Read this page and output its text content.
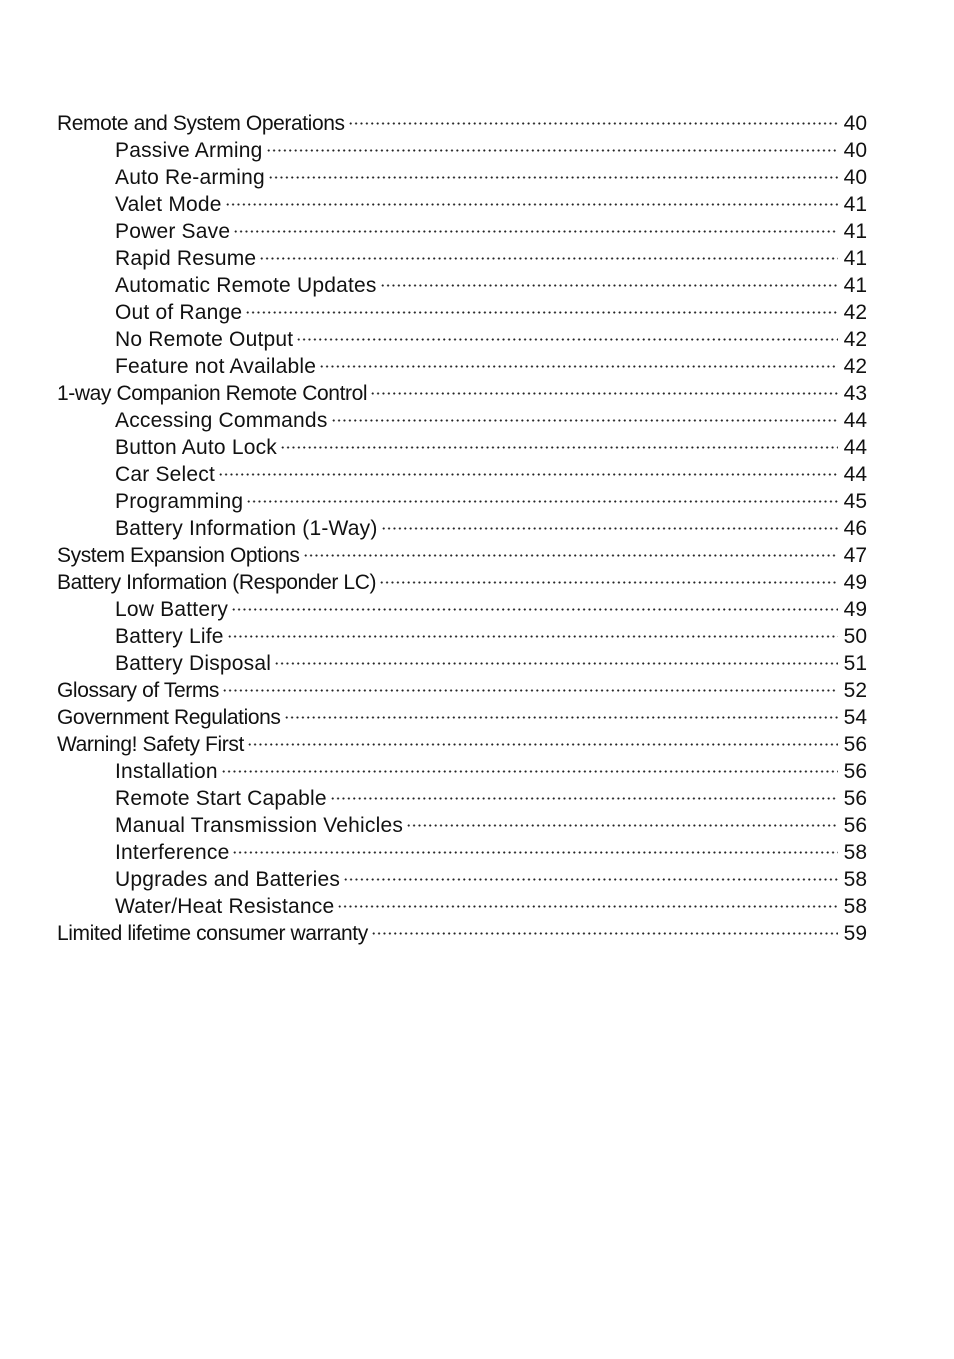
Remote and System Operations	40
Passive Arming	40
Auto Re-arming	40
Valet Mode	41
Power Save	41
Rapid Resume	41
Automatic Remote Updates	41
Out of Range	42
No Remote Output	42
Feature not Available	42
1-way Companion Remote Control	43
Accessing Commands	44
Button Auto Lock	44
Car Select	44
Programming	45
Battery Information (1-Way)	46
System Expansion Options	47
Battery Information (Responder LC)	49
Low Battery	49
Battery Life	50
Battery Disposal	51
Glossary of Terms	52
Government Regulations	54
Warning! Safety First	56
Installation	56
Remote Start Capable	56
Manual Transmission Vehicles	56
Interference	58
Upgrades and Batteries	58
Water/Heat Resistance	58
Limited lifetime consumer warranty	59
